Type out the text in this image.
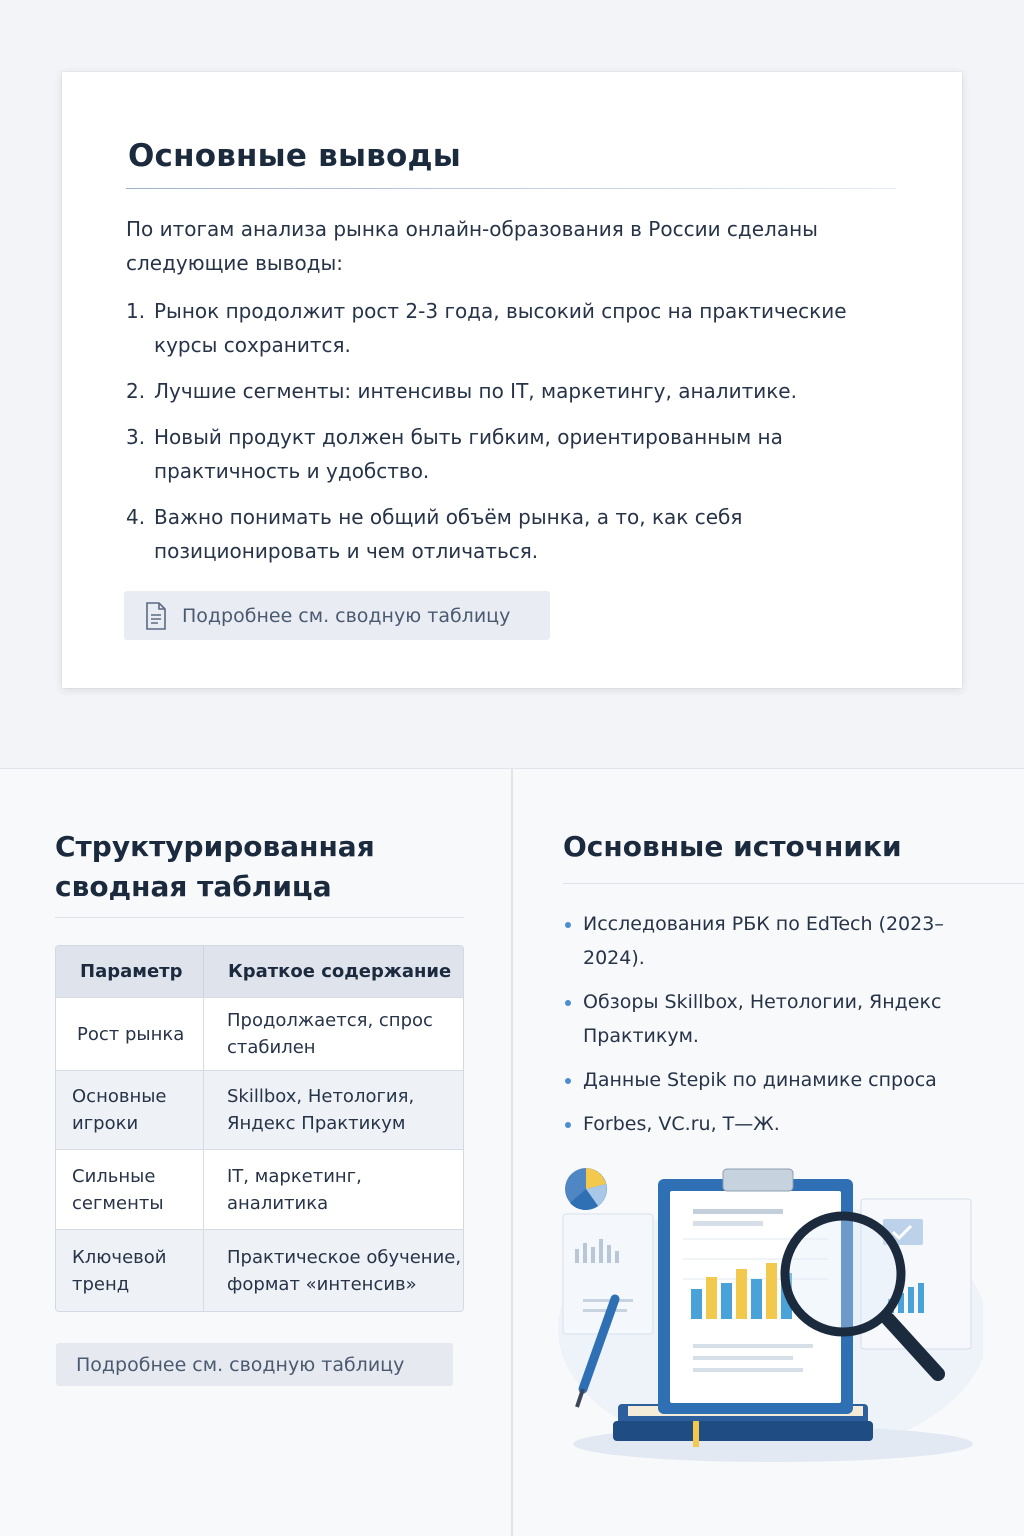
Основные выводы

По итогам анализа рынка онлайн-образования в России сделаны следующие выводы:

1. Рынок продолжит рост 2-3 года, высокий спрос на практические курсы сохранится.
2. Лучшие сегменты: интенсивы по IT, маркетингу, аналитике.
3. Новый продукт должен быть гибким, ориентированным на практичность и удобство.
4. Важно понимать не общий объём рынка, а то, как себя позиционировать и чем отличаться.
Подробнее см. сводную таблицу
Структурированная
сводная таблица
Параметр	Краткое содержание
Рост рынка	Продолжается, спрос стабилен
Основные игроки	Skillbox, Нетология, Яндекс Практикум
Сильные сегменты	IT, маркетинг, аналитика
Ключевой тренд	Практическое обучение, формат «интенсив»
Подробнее см. сводную таблицу
Основные источники
Исследования РБК по EdTech (2023–2024).
Обзоры Skillbox, Нетологии, Яндекс Практикум.
Данные Stepik по динамике спроса
Forbes, VC.ru, Т—Ж.
